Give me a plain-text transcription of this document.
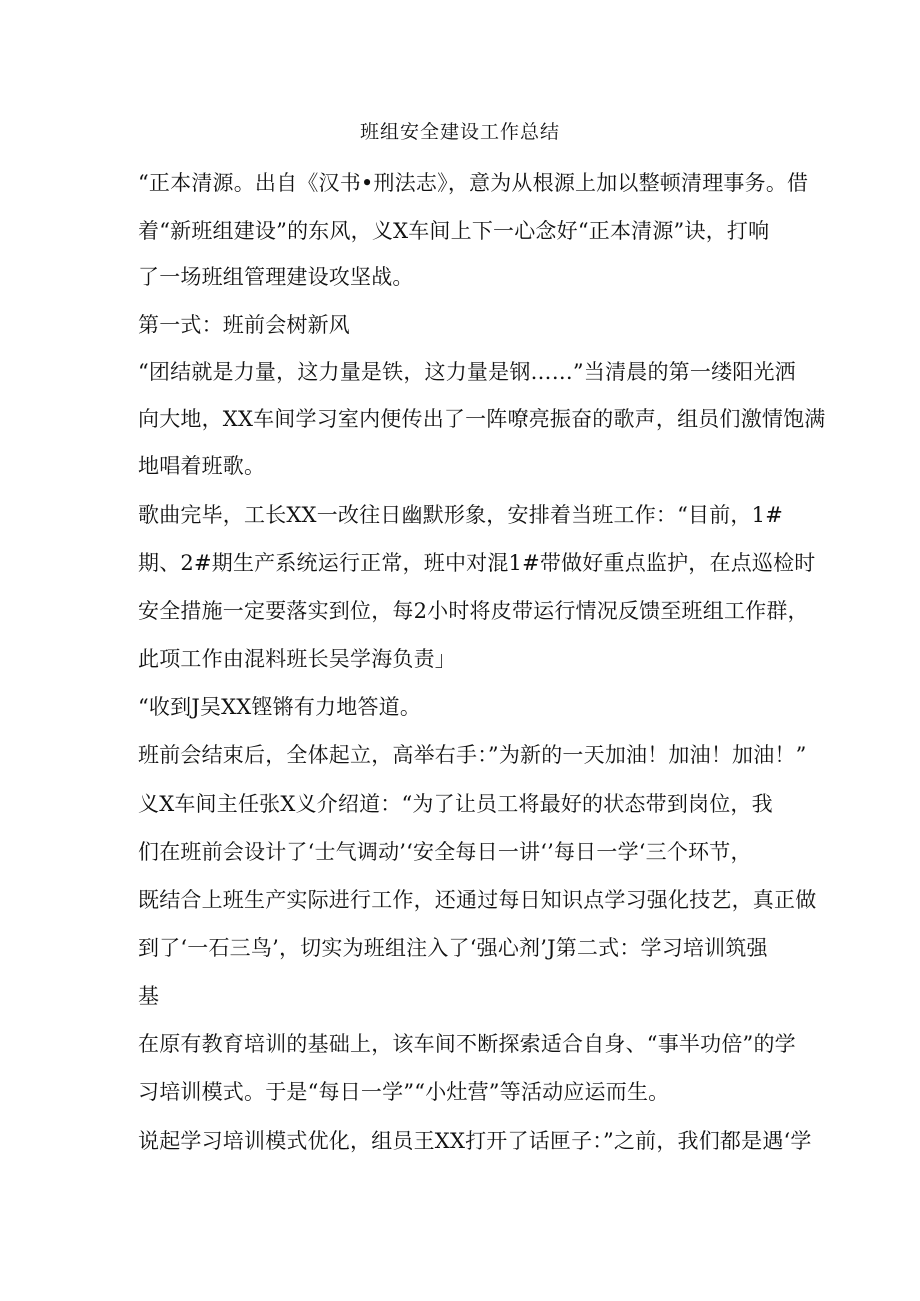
班组安全建设工作总结
“正本清源。出自《汉书•刑法志》，意为从根源上加以整顿清理事务。借
着“新班组建设”的东风，义X车间上下一心念好“正本清源”诀，打响
了一场班组管理建设攻坚战。
第一式：班前会树新风
“团结就是力量，这力量是铁，这力量是钢……”当清晨的第一缕阳光洒
向大地，XX车间学习室内便传出了一阵嘹亮振奋的歌声，组员们激情饱满
地唱着班歌。
歌曲完毕，工长XX一改往日幽默形象，安排着当班工作：“目前，1#
期、2#期生产系统运行正常，班中对混1#带做好重点监护，在点巡检时
安全措施一定要落实到位，每2小时将皮带运行情况反馈至班组工作群，
此项工作由混料班长吴学海负责」
“收到J吴XX铿锵有力地答道。
班前会结束后，全体起立，高举右手：”为新的一天加油！加油！加油！”
义X车间主任张X义介绍道：“为了让员工将最好的状态带到岗位，我
们在班前会设计了‘士气调动’‘安全每日一讲‘’每日一学‘三个环节，
既结合上班生产实际进行工作，还通过每日知识点学习强化技艺，真正做
到了‘一石三鸟’，切实为班组注入了‘强心剂’J第二式：学习培训筑强
基
在原有教育培训的基础上，该车间不断探索适合自身、“事半功倍”的学
习培训模式。于是“每日一学”“小灶营”等活动应运而生。
说起学习培训模式优化，组员王XX打开了话匣子：”之前，我们都是遇‘学
